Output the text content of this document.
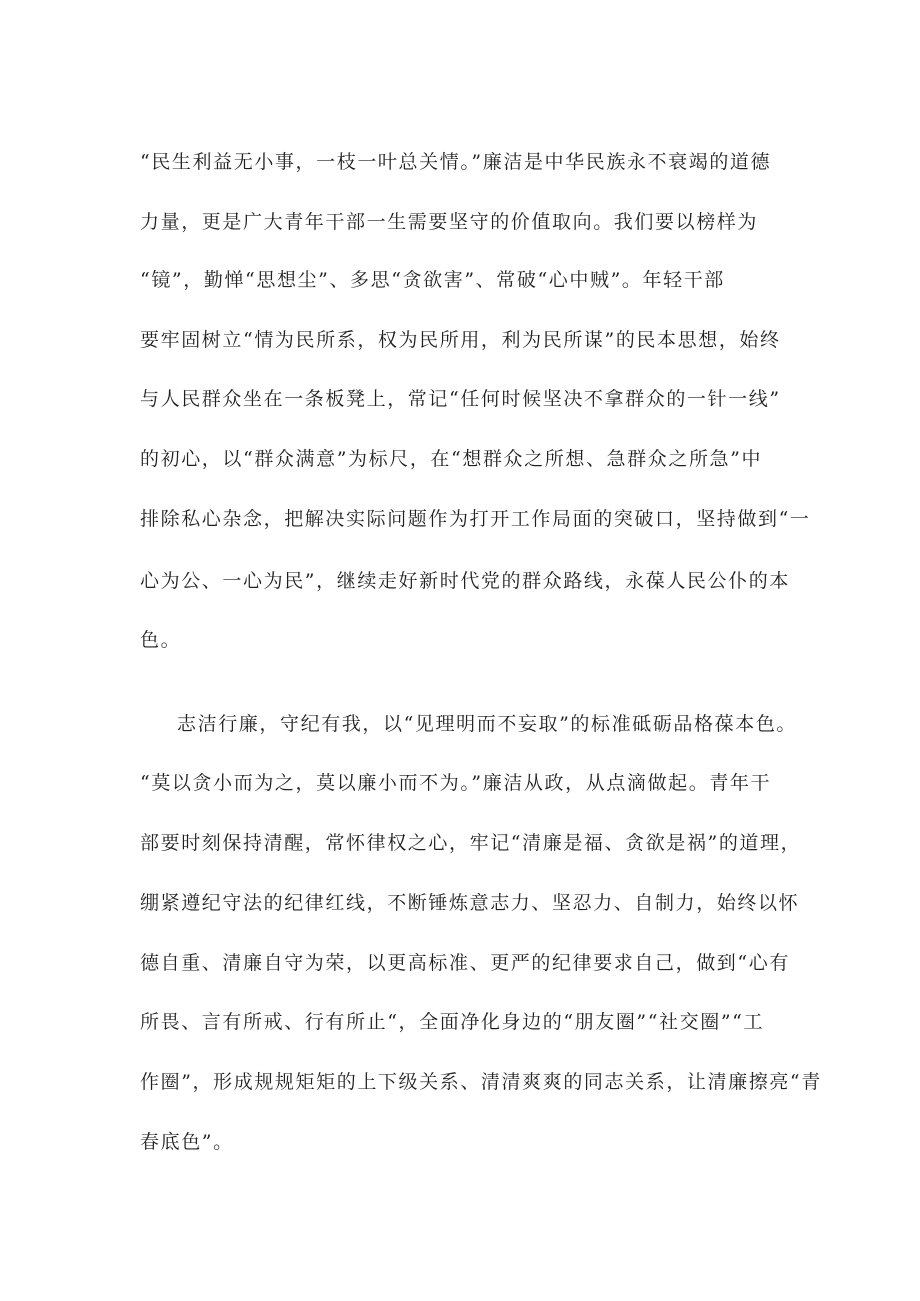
“民生利益无小事，一枝一叶总关情。”廉洁是中华民族永不衰竭的道德

力量，更是广大青年干部一生需要坚守的价值取向。我们要以榜样为

“镜”，勤惮“思想尘”、多思“贪欲害”、常破“心中贼”。年轻干部

要牢固树立“情为民所系，权为民所用，利为民所谋”的民本思想，始终

与人民群众坐在一条板凳上，常记“任何时候坚决不拿群众的一针一线”

的初心，以“群众满意”为标尺，在“想群众之所想、急群众之所急”中

排除私心杂念，把解决实际问题作为打开工作局面的突破口，坚持做到“一

心为公、一心为民”，继续走好新时代党的群众路线，永葆人民公仆的本

色。

志洁行廉，守纪有我，以“见理明而不妄取”的标准砥砺品格葆本色。

“莫以贪小而为之，莫以廉小而不为。”廉洁从政，从点滴做起。青年干

部要时刻保持清醒，常怀律权之心，牢记“清廉是福、贪欲是祸”的道理，

绷紧遵纪守法的纪律红线，不断锤炼意志力、坚忍力、自制力，始终以怀

德自重、清廉自守为荣，以更高标准、更严的纪律要求自己，做到“心有

所畏、言有所戒、行有所止“，全面净化身边的“朋友圈”“社交圈”“工

作圈”，形成规规矩矩的上下级关系、清清爽爽的同志关系，让清廉擦亮“青

春底色”。
